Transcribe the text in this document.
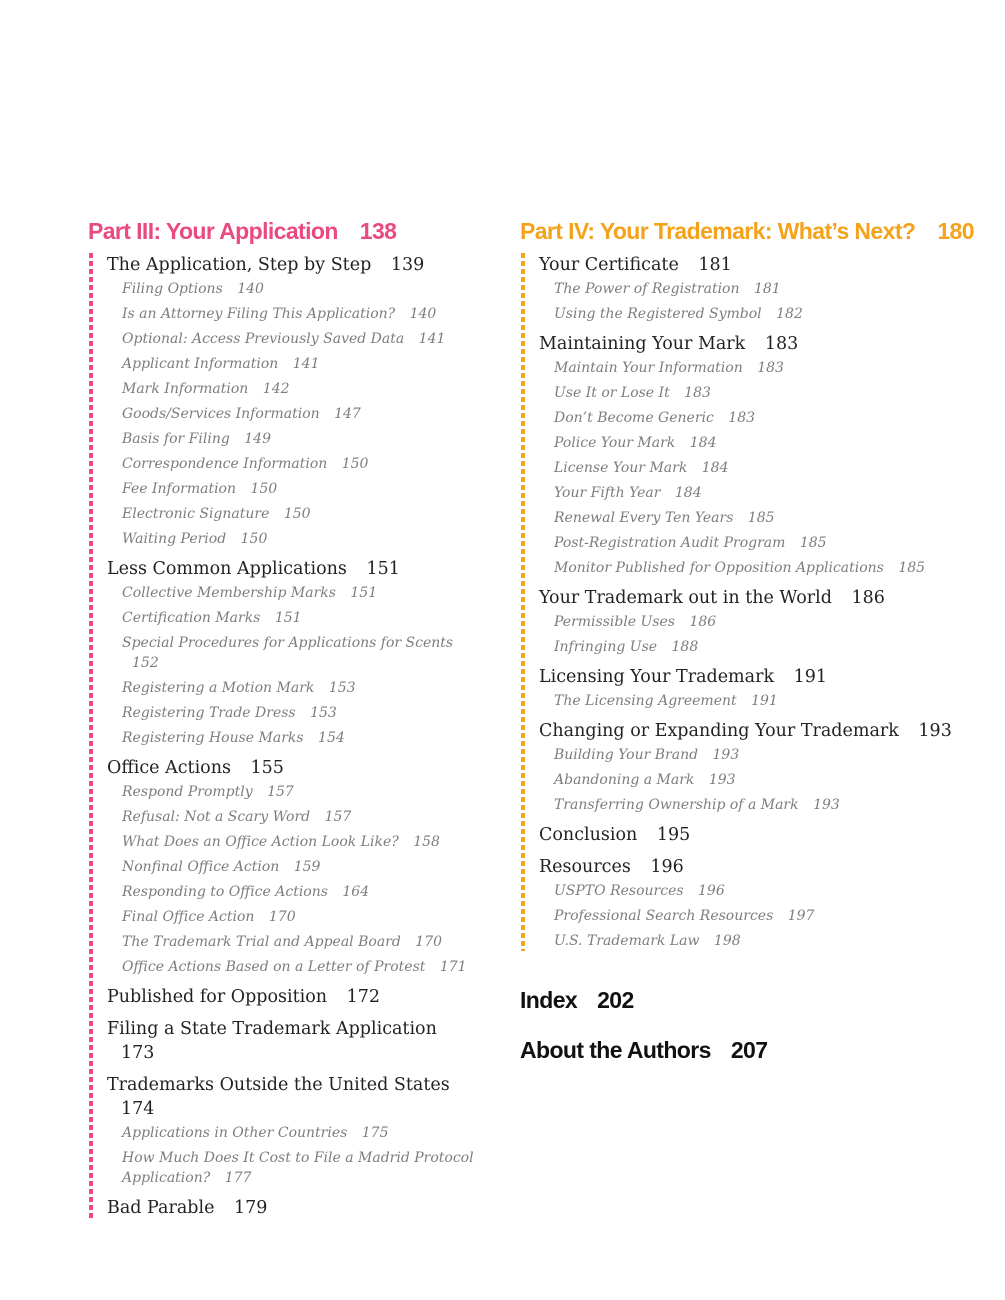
Part III: Your Application 138
The Application, Step by Step 139
Filing Options 140
Is an Attorney Filing This Application? 140
Optional: Access Previously Saved Data 141
Applicant Information 141
Mark Information 142
Goods/Services Information 147
Basis for Filing 149
Correspondence Information 150
Fee Information 150
Electronic Signature 150
Waiting Period 150
Less Common Applications 151
Collective Membership Marks 151
Certification Marks 151
Special Procedures for Applications for Scents 152
Registering a Motion Mark 153
Registering Trade Dress 153
Registering House Marks 154
Office Actions 155
Respond Promptly 157
Refusal: Not a Scary Word 157
What Does an Office Action Look Like? 158
Nonfinal Office Action 159
Responding to Office Actions 164
Final Office Action 170
The Trademark Trial and Appeal Board 170
Office Actions Based on a Letter of Protest 171
Published for Opposition 172
Filing a State Trademark Application 173
Trademarks Outside the United States 174
Applications in Other Countries 175
How Much Does It Cost to File a Madrid Protocol Application? 177
Bad Parable 179
Part IV: Your Trademark: What’s Next? 180
Your Certificate 181
The Power of Registration 181
Using the Registered Symbol 182
Maintaining Your Mark 183
Maintain Your Information 183
Use It or Lose It 183
Don’t Become Generic 183
Police Your Mark 184
License Your Mark 184
Your Fifth Year 184
Renewal Every Ten Years 185
Post-Registration Audit Program 185
Monitor Published for Opposition Applications 185
Your Trademark out in the World 186
Permissible Uses 186
Infringing Use 188
Licensing Your Trademark 191
The Licensing Agreement 191
Changing or Expanding Your Trademark 193
Building Your Brand 193
Abandoning a Mark 193
Transferring Ownership of a Mark 193
Conclusion 195
Resources 196
USPTO Resources 196
Professional Search Resources 197
U.S. Trademark Law 198
Index 202
About the Authors 207
